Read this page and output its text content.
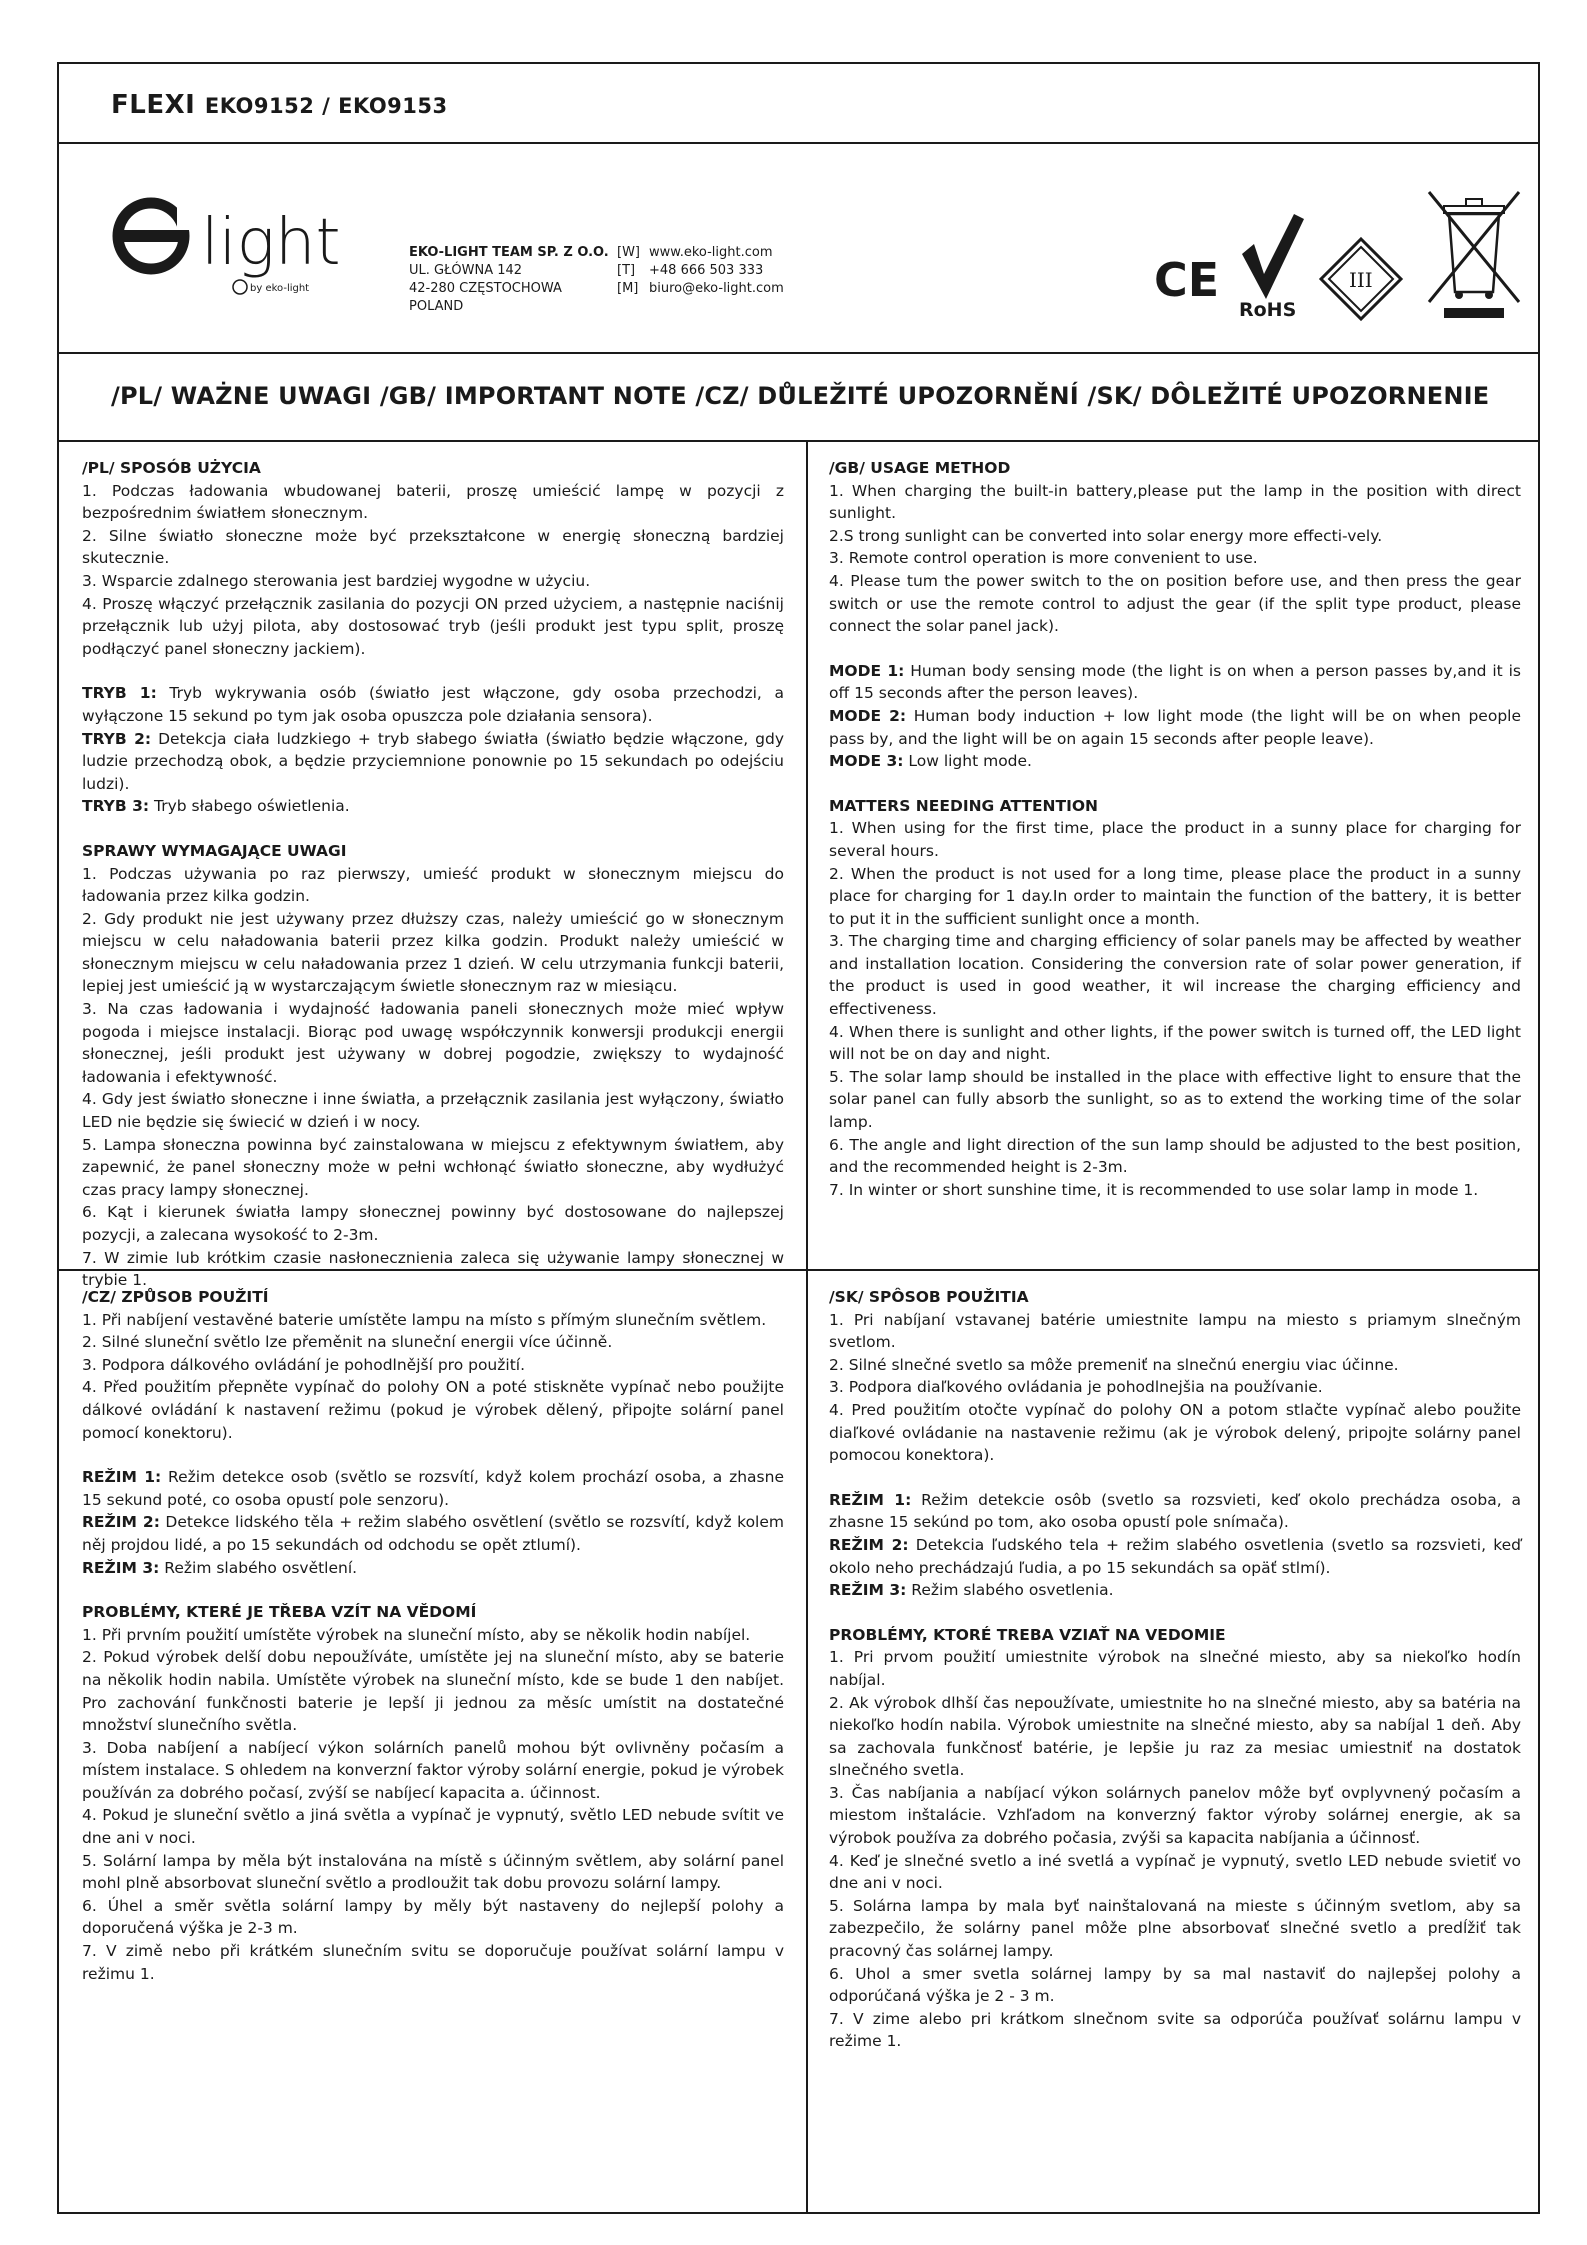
FLEXI EKO9152 / EKO9153
light
by eko-light
EKO-LIGHT TEAM SP. Z O.O.
UL. GŁÓWNA 142
42-280 CZĘSTOCHOWA
POLAND
[W] www.eko-light.com
[T] +48 666 503 333
[M] biuro@eko-light.com	CE
RoHS
III
/PL/ WAŻNE UWAGI /GB/ IMPORTANT NOTE /CZ/ DŮLEŽITÉ UPOZORNĚNÍ /SK/ DÔLEŽITÉ UPOZORNENIE

/PL/ SPOSÓB UŻYCIA

1. Podczas ładowania wbudowanej baterii, proszę umieścić lampę w pozycji z bezpośrednim światłem słonecznym.

2. Silne światło słoneczne może być przekształcone w energię słoneczną bardziej skutecznie.

3. Wsparcie zdalnego sterowania jest bardziej wygodne w użyciu.

4. Proszę włączyć przełącznik zasilania do pozycji ON przed użyciem, a następnie naciśnij przełącznik lub użyj pilota, aby dostosować tryb (jeśli produkt jest typu split, proszę podłączyć panel słoneczny jackiem).

TRYB 1: Tryb wykrywania osób (światło jest włączone, gdy osoba przechodzi, a wyłączone 15 sekund po tym jak osoba opuszcza pole działania sensora).

TRYB 2: Detekcja ciała ludzkiego + tryb słabego światła (światło będzie włączone, gdy ludzie przechodzą obok, a będzie przyciemnione ponownie po 15 sekundach po odejściu ludzi).

TRYB 3: Tryb słabego oświetlenia.

SPRAWY WYMAGAJĄCE UWAGI

1. Podczas używania po raz pierwszy, umieść produkt w słonecznym miejscu do ładowania przez kilka godzin.

2. Gdy produkt nie jest używany przez dłuższy czas, należy umieścić go w słonecznym miejscu w celu naładowania baterii przez kilka godzin. Produkt należy umieścić w słonecznym miejscu w celu naładowania przez 1 dzień. W celu utrzymania funkcji baterii, lepiej jest umieścić ją w wystarczającym świetle słonecznym raz w miesiącu.

3. Na czas ładowania i wydajność ładowania paneli słonecznych może mieć wpływ pogoda i miejsce instalacji. Biorąc pod uwagę współczynnik konwersji produkcji energii słonecznej, jeśli produkt jest używany w dobrej pogodzie, zwiększy to wydajność ładowania i efektywność.

4. Gdy jest światło słoneczne i inne światła, a przełącznik zasilania jest wyłączony, światło LED nie będzie się świecić w dzień i w nocy.

5. Lampa słoneczna powinna być zainstalowana w miejscu z efektywnym światłem, aby zapewnić, że panel słoneczny może w pełni wchłonąć światło słoneczne, aby wydłużyć czas pracy lampy słonecznej.

6. Kąt i kierunek światła lampy słonecznej powinny być dostosowane do najlepszej pozycji, a zalecana wysokość to 2-3m.

7. W zimie lub krótkim czasie nasłonecznienia zaleca się używanie lampy słonecznej w trybie 1.

/GB/ USAGE METHOD

1. When charging the built-in battery,please put the lamp in the position with direct sunlight.

2.S trong sunlight can be converted into solar energy more effecti-vely.

3. Remote control operation is more convenient to use.

4. Please tum the power switch to the on position before use, and then press the gear switch or use the remote control to adjust the gear (if the split type product, please connect the solar panel jack).

MODE 1: Human body sensing mode (the light is on when a person passes by,and it is off 15 seconds after the person leaves).

MODE 2: Human body induction + low light mode (the light will be on when people pass by, and the light will be on again 15 seconds after people leave).

MODE 3: Low light mode.

MATTERS NEEDING ATTENTION

1. When using for the first time, place the product in a sunny place for charging for several hours.

2. When the product is not used for a long time, please place the product in a sunny place for charging for 1 day.In order to maintain the function of the battery, it is better to put it in the sufficient sunlight once a month.

3. The charging time and charging efficiency of solar panels may be affected by weather and installation location. Considering the conversion rate of solar power generation, if the product is used in good weather, it wil increase the charging efficiency and effectiveness.

4. When there is sunlight and other lights, if the power switch is turned off, the LED light will not be on day and night.

5. The solar lamp should be installed in the place with effective light to ensure that the solar panel can fully absorb the sunlight, so as to extend the working time of the solar lamp.

6. The angle and light direction of the sun lamp should be adjusted to the best position, and the recommended height is 2-3m.

7. In winter or short sunshine time, it is recommended to use solar lamp in mode 1.

/CZ/ ZPŮSOB POUŽITÍ

1. Při nabíjení vestavěné baterie umístěte lampu na místo s přímým slunečním světlem.

2. Silné sluneční světlo lze přeměnit na sluneční energii více účinně.

3. Podpora dálkového ovládání je pohodlnější pro použití.

4. Před použitím přepněte vypínač do polohy ON a poté stiskněte vypínač nebo použijte dálkové ovládání k nastavení režimu (pokud je výrobek dělený, připojte solární panel pomocí konektoru).

REŽIM 1: Režim detekce osob (světlo se rozsvítí, když kolem prochází osoba, a zhasne 15 sekund poté, co osoba opustí pole senzoru).

REŽIM 2: Detekce lidského těla + režim slabého osvětlení (světlo se rozsvítí, když kolem něj projdou lidé, a po 15 sekundách od odchodu se opět ztlumí).

REŽIM 3: Režim slabého osvětlení.

PROBLÉMY, KTERÉ JE TŘEBA VZÍT NA VĚDOMÍ

1. Při prvním použití umístěte výrobek na sluneční místo, aby se několik hodin nabíjel.

2. Pokud výrobek delší dobu nepoužíváte, umístěte jej na sluneční místo, aby se baterie na několik hodin nabila. Umístěte výrobek na sluneční místo, kde se bude 1 den nabíjet. Pro zachování funkčnosti baterie je lepší ji jednou za měsíc umístit na dostatečné množství slunečního světla.

3. Doba nabíjení a nabíjecí výkon solárních panelů mohou být ovlivněny počasím a místem instalace. S ohledem na konverzní faktor výroby solární energie, pokud je výrobek používán za dobrého počasí, zvýší se nabíjecí kapacita a. účinnost.

4. Pokud je sluneční světlo a jiná světla a vypínač je vypnutý, světlo LED nebude svítit ve dne ani v noci.

5. Solární lampa by měla být instalována na místě s účinným světlem, aby solární panel mohl plně absorbovat sluneční světlo a prodloužit tak dobu provozu solární lampy.

6. Úhel a směr světla solární lampy by měly být nastaveny do nejlepší polohy a doporučená výška je 2-3 m.

7. V zimě nebo při krátkém slunečním svitu se doporučuje používat solární lampu v režimu 1.

/SK/ SPÔSOB POUŽITIA

1. Pri nabíjaní vstavanej batérie umiestnite lampu na miesto s priamym slnečným svetlom.

2. Silné slnečné svetlo sa môže premeniť na slnečnú energiu viac účinne.

3. Podpora diaľkového ovládania je pohodlnejšia na používanie.

4. Pred použitím otočte vypínač do polohy ON a potom stlačte vypínač alebo použite diaľkové ovládanie na nastavenie režimu (ak je výrobok delený, pripojte solárny panel pomocou konektora).

REŽIM 1: Režim detekcie osôb (svetlo sa rozsvieti, keď okolo prechádza osoba, a zhasne 15 sekúnd po tom, ako osoba opustí pole snímača).

REŽIM 2: Detekcia ľudského tela + režim slabého osvetlenia (svetlo sa rozsvieti, keď okolo neho prechádzajú ľudia, a po 15 sekundách sa opäť stlmí).

REŽIM 3: Režim slabého osvetlenia.

PROBLÉMY, KTORÉ TREBA VZIAŤ NA VEDOMIE

1. Pri prvom použití umiestnite výrobok na slnečné miesto, aby sa niekoľko hodín nabíjal.

2. Ak výrobok dlhší čas nepoužívate, umiestnite ho na slnečné miesto, aby sa batéria na niekoľko hodín nabila. Výrobok umiestnite na slnečné miesto, aby sa nabíjal 1 deň. Aby sa zachovala funkčnosť batérie, je lepšie ju raz za mesiac umiestniť na dostatok slnečného svetla.

3. Čas nabíjania a nabíjací výkon solárnych panelov môže byť ovplyvnený počasím a miestom inštalácie. Vzhľadom na konverzný faktor výroby solárnej energie, ak sa výrobok používa za dobrého počasia, zvýši sa kapacita nabíjania a účinnosť.

4. Keď je slnečné svetlo a iné svetlá a vypínač je vypnutý, svetlo LED nebude svietiť vo dne ani v noci.

5. Solárna lampa by mala byť nainštalovaná na mieste s účinným svetlom, aby sa zabezpečilo, že solárny panel môže plne absorbovať slnečné svetlo a predĺžiť tak pracovný čas solárnej lampy.

6. Uhol a smer svetla solárnej lampy by sa mal nastaviť do najlepšej polohy a odporúčaná výška je 2 - 3 m.

7. V zime alebo pri krátkom slnečnom svite sa odporúča používať solárnu lampu v režime 1.
